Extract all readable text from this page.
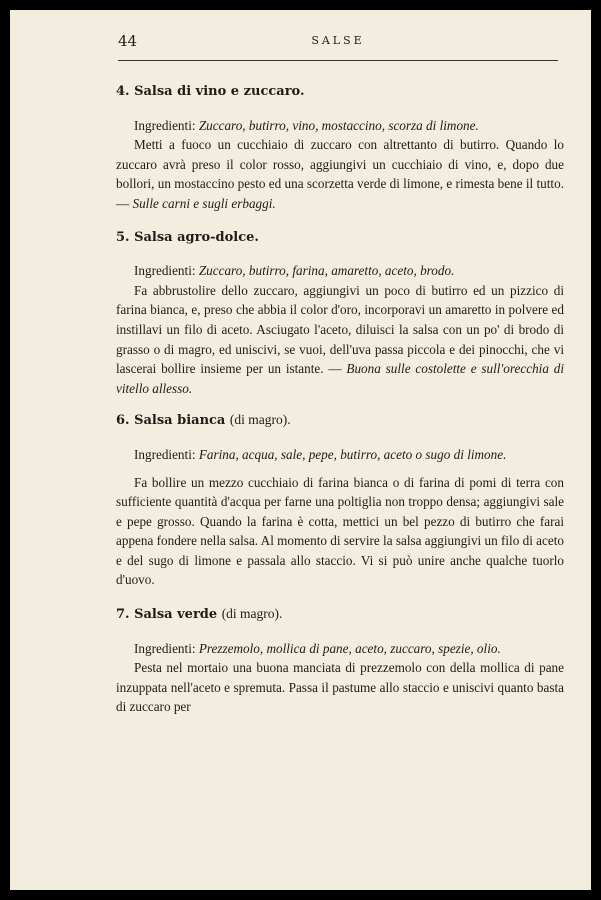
44	SALSE

4. Salsa di vino e zuccaro.

Ingredienti: Zuccaro, butirro, vino, mostaccino, scorza di limone.

Metti a fuoco un cucchiaio di zuccaro con altrettanto di butirro. Quando lo zuccaro avrà preso il color rosso, aggiungivi un cucchiaio di vino, e, dopo due bollori, un mostaccino pesto ed una scorzetta verde di limone, e rimesta bene il tutto. — Sulle carni e sugli erbaggi.

5. Salsa agro-dolce.

Ingredienti: Zuccaro, butirro, farina, amaretto, aceto, brodo.

Fa abbrustolire dello zuccaro, aggiungivi un poco di butirro ed un pizzico di farina bianca, e, preso che abbia il color d'oro, incorporavi un amaretto in polvere ed instillavi un filo di aceto. Asciugato l'aceto, diluisci la salsa con un po' di brodo di grasso o di magro, ed uniscivi, se vuoi, dell'uva passa piccola e dei pinocchi, che vi lascerai bollire insieme per un istante. — Buona sulle costolette e sull'orecchia di vitello allesso.

6. Salsa bianca (di magro).

Ingredienti: Farina, acqua, sale, pepe, butirro, aceto o sugo di limone.

Fa bollire un mezzo cucchiaio di farina bianca o di farina di pomi di terra con sufficiente quantità d'acqua per farne una poltiglia non troppo densa; aggiungivi sale e pepe grosso. Quando la farina è cotta, mettici un bel pezzo di butirro che farai appena fondere nella salsa. Al momento di servire la salsa aggiungivi un filo di aceto e del sugo di limone e passala allo staccio. Vi si può unire anche qualche tuorlo d'uovo.

7. Salsa verde (di magro).

Ingredienti: Prezzemolo, mollica di pane, aceto, zuccaro, spezie, olio.

Pesta nel mortaio una buona manciata di prezzemolo con della mollica di pane inzuppata nell'aceto e spremuta. Passa il pastume allo staccio e uniscivi quanto basta di zuccaro per
